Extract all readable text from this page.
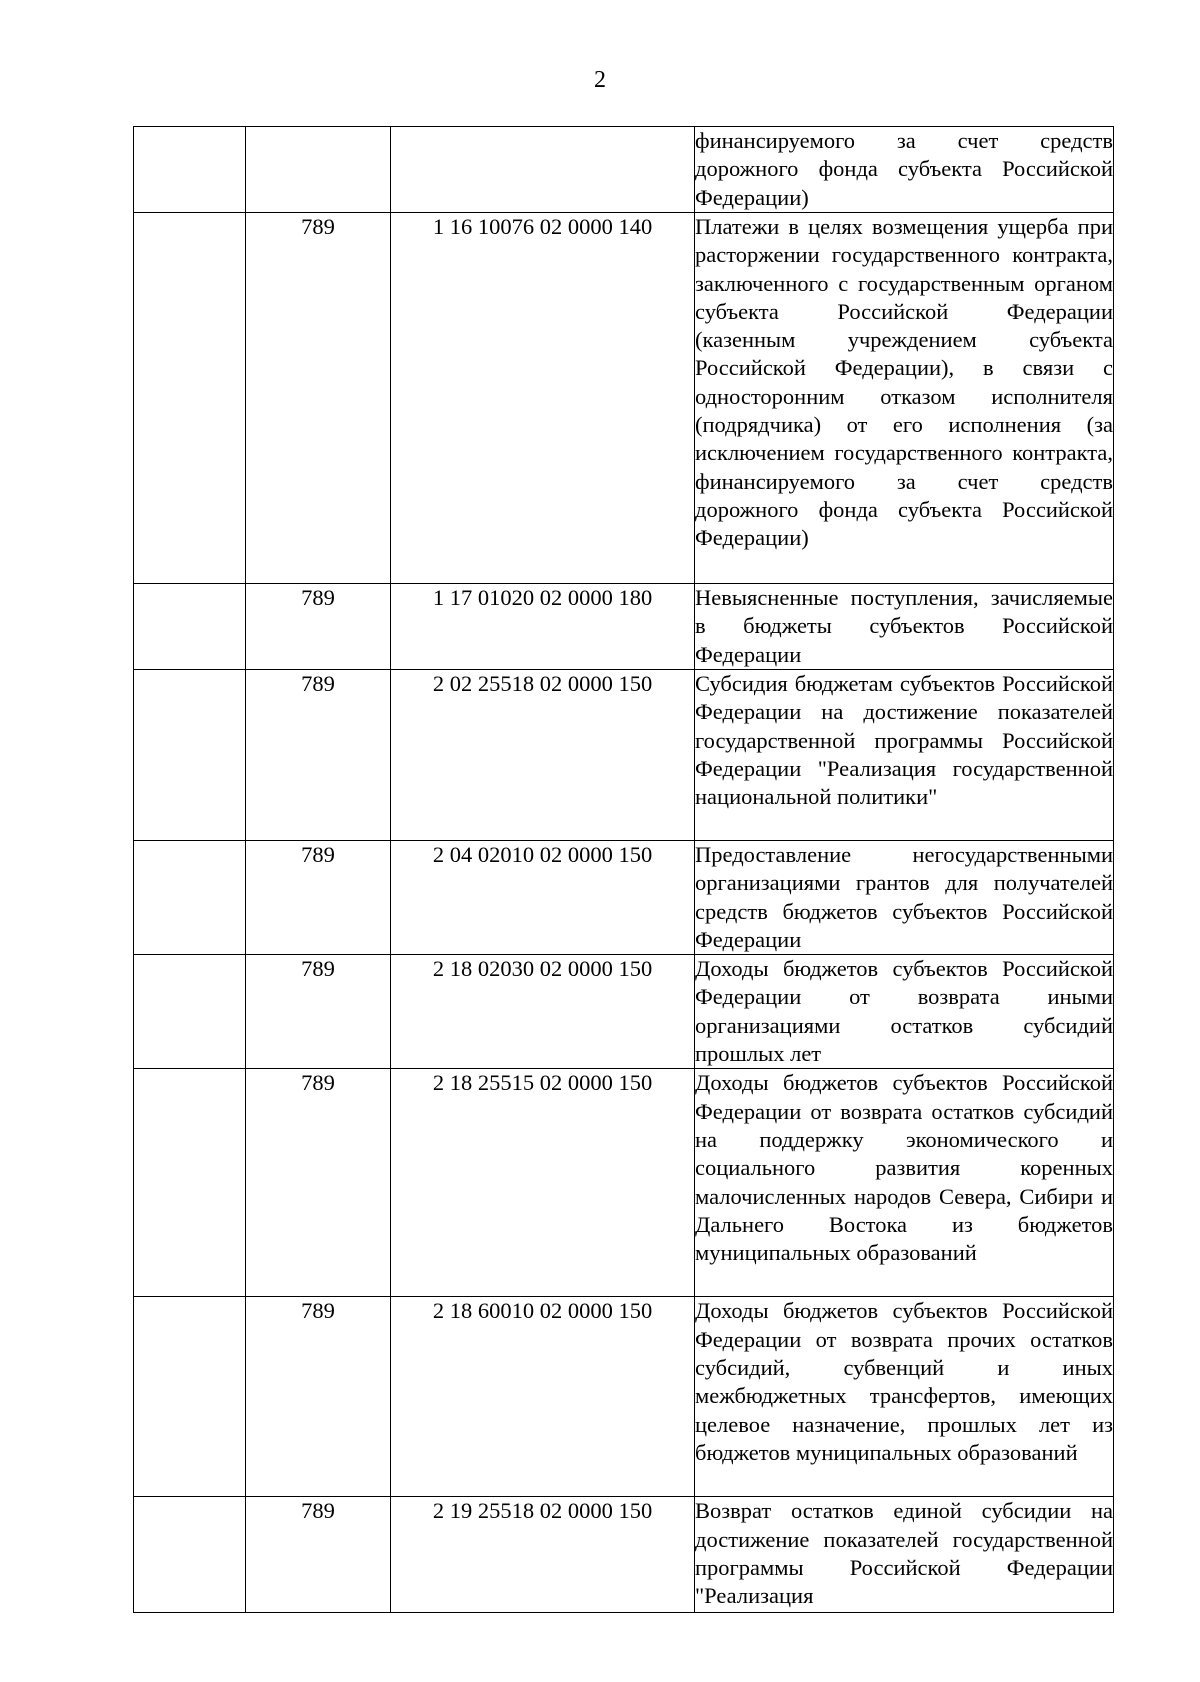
2
			финансируемого за счет средств дорожного фонда субъекта Российской Федерации)
	789	1 16 10076 02 0000 140	Платежи в целях возмещения ущерба при расторжении государственного контракта, заключенного с государственным органом субъекта Российской Федерации (казенным учреждением субъекта Российской Федерации), в связи с односторонним отказом исполнителя (подрядчика) от его исполнения (за исключением государственного контракта, финансируемого за счет средств дорожного фонда субъекта Российской Федерации)
	789	1 17 01020 02 0000 180	Невыясненные поступления, зачисляемые в бюджеты субъектов Российской Федерации
	789	2 02 25518 02 0000 150	Субсидия бюджетам субъектов Российской Федерации на достижение показателей государственной программы Российской Федерации "Реализация государственной национальной политики"
	789	2 04 02010 02 0000 150	Предоставление негосударственными организациями грантов для получателей средств бюджетов субъектов Российской Федерации
	789	2 18 02030 02 0000 150	Доходы бюджетов субъектов Российской Федерации от возврата иными организациями остатков субсидий прошлых лет
	789	2 18 25515 02 0000 150	Доходы бюджетов субъектов Российской Федерации от возврата остатков субсидий на поддержку экономического и социального развития коренных малочисленных народов Севера, Сибири и Дальнего Востока из бюджетов муниципальных образований
	789	2 18 60010 02 0000 150	Доходы бюджетов субъектов Российской Федерации от возврата прочих остатков субсидий, субвенций и иных межбюджетных трансфертов, имеющих целевое назначение, прошлых лет из бюджетов муниципальных образований
	789	2 19 25518 02 0000 150	Возврат остатков единой субсидии на достижение показателей государственной программы Российской Федерации "Реализация
